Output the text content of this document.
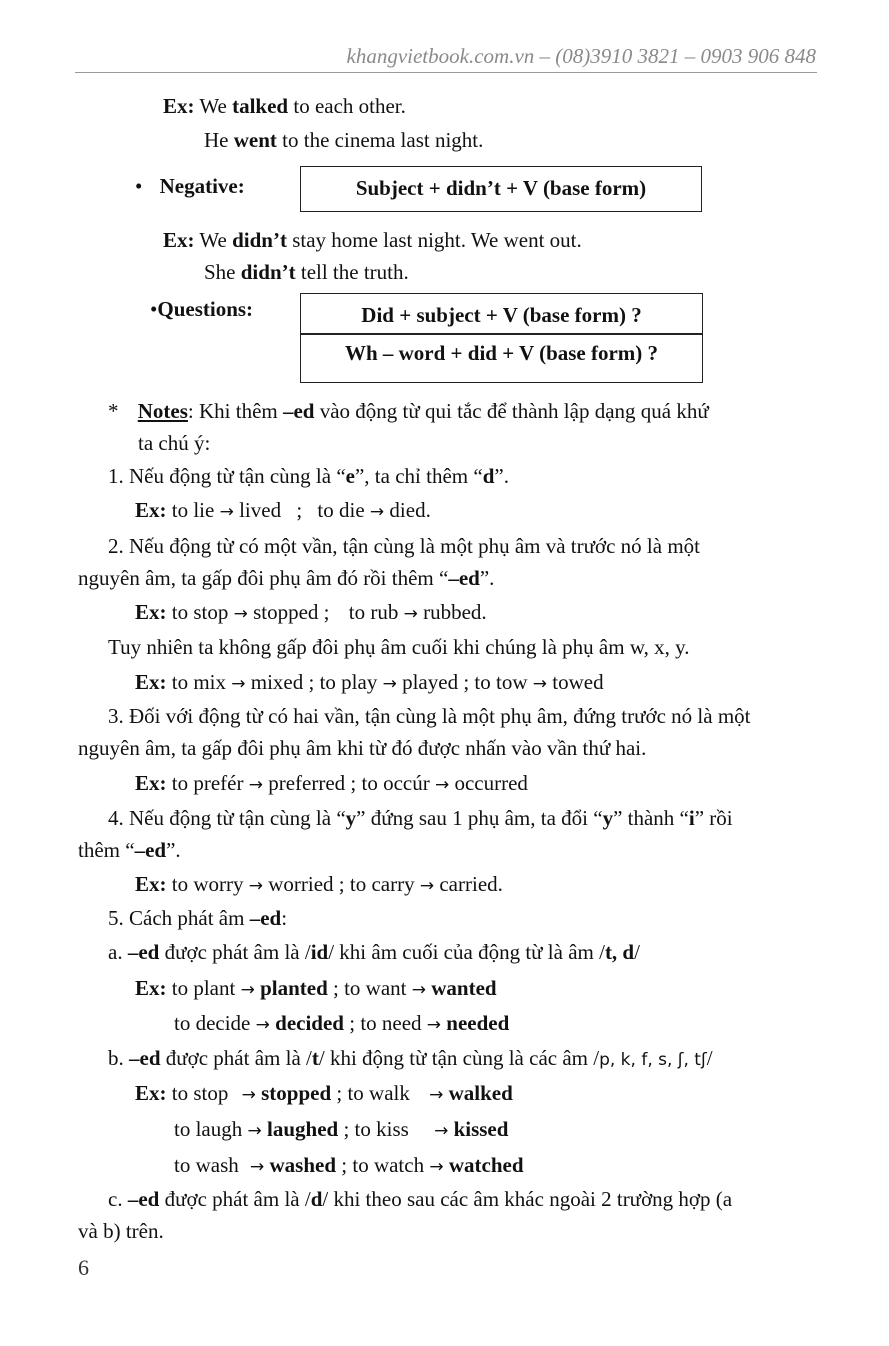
khangvietbook.com.vn – (08)3910 3821 – 0903 906 848
Ex: We talked to each other.
He went to the cinema last night.
• Negative:	Subject + didn’t + V (base form)
Ex: We didn’t stay home last night. We went out.
She didn’t tell the truth.
•Questions:	Did + subject + V (base form) ?
Wh – word + did + V (base form) ?
* Notes: Khi thêm –ed vào động từ qui tắc để thành lập dạng quá khứ
ta chú ý:
1. Nếu động từ tận cùng là “e”, ta chỉ thêm “d”.
Ex: to lie → lived ; to die → died.
2. Nếu động từ có một vần, tận cùng là một phụ âm và trước nó là một
nguyên âm, ta gấp đôi phụ âm đó rồi thêm “–ed”.
Ex: to stop → stopped ; to rub → rubbed.
Tuy nhiên ta không gấp đôi phụ âm cuối khi chúng là phụ âm w, x, y.
Ex: to mix → mixed ; to play → played ; to tow → towed
3. Đối với động từ có hai vần, tận cùng là một phụ âm, đứng trước nó là một
nguyên âm, ta gấp đôi phụ âm khi từ đó được nhấn vào vần thứ hai.
Ex: to prefér → preferred ; to occúr → occurred
4. Nếu động từ tận cùng là “y” đứng sau 1 phụ âm, ta đổi “y” thành “i” rồi
thêm “–ed”.
Ex: to worry → worried ; to carry → carried.
5. Cách phát âm –ed:
a. –ed được phát âm là /id/ khi âm cuối của động từ là âm /t, d/
Ex: to plant → planted ; to want → wanted
to decide → decided ; to need → needed
b. –ed được phát âm là /t/ khi động từ tận cùng là các âm /p, k, f, s, ʃ, tʃ/
Ex: to stop → stopped ; to walk → walked
to laugh → laughed ; to kiss → kissed
to wash → washed ; to watch → watched
c. –ed được phát âm là /d/ khi theo sau các âm khác ngoài 2 trường hợp (a
và b) trên.
6
